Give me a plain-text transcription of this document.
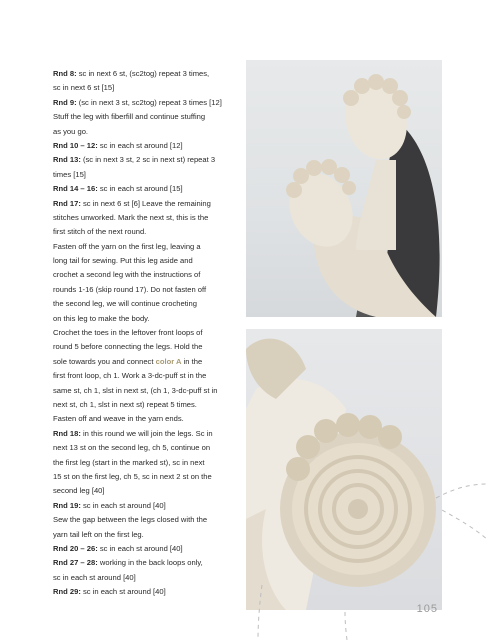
Rnd 8: sc in next 6 st, (sc2tog) repeat 3 times,
sc in next 6 st [15]
Rnd 9: (sc in next 3 st, sc2tog) repeat 3 times [12]
Stuff the leg with fiberfill and continue stuffing
as you go.
Rnd 10 – 12: sc in each st around [12]
Rnd 13: (sc in next 3 st, 2 sc in next st) repeat 3
times [15]
Rnd 14 – 16: sc in each st around [15]
Rnd 17: sc in next 6 st [6] Leave the remaining
stitches unworked. Mark the next st, this is the
first stitch of the next round.
Fasten off the yarn on the first leg, leaving a
long tail for sewing. Put this leg aside and
crochet a second leg with the instructions of
rounds 1-16 (skip round 17). Do not fasten off
the second leg, we will continue crocheting
on this leg to make the body.
Crochet the toes in the leftover front loops of
round 5 before connecting the legs. Hold the
sole towards you and connect color A in the
first front loop, ch 1. Work a 3-dc-puff st in the
same st, ch 1, slst in next st, (ch 1, 3-dc-puff st in
next st, ch 1, slst in next st) repeat 5 times.
Fasten off and weave in the yarn ends.
Rnd 18: in this round we will join the legs. Sc in
next 13 st on the second leg, ch 5, continue on
the first leg (start in the marked st), sc in next
15 st on the first leg, ch 5, sc in next 2 st on the
second leg [40]
Rnd 19: sc in each st around [40]
Sew the gap between the legs closed with the
yarn tail left on the first leg.
Rnd 20 – 26: sc in each st around [40]
Rnd 27 – 28: working in the back loops only,
sc in each st around [40]
Rnd 29: sc in each st around [40]
105
